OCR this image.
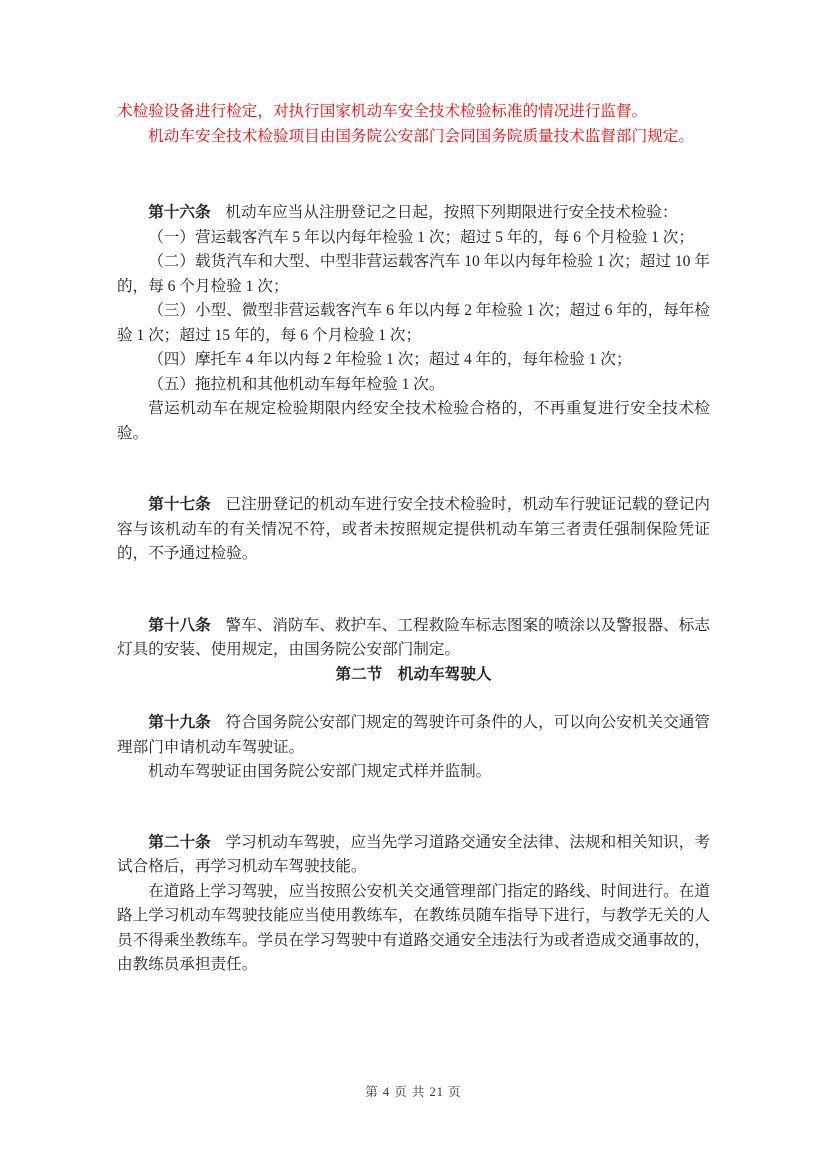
术检验设备进行检定，对执行国家机动车安全技术检验标准的情况进行监督。

机动车安全技术检验项目由国务院公安部门会同国务院质量技术监督部门规定。

第十六条 机动车应当从注册登记之日起，按照下列期限进行安全技术检验：

（一）营运载客汽车 5 年以内每年检验 1 次；超过 5 年的，每 6 个月检验 1 次；

（二）载货汽车和大型、中型非营运载客汽车 10 年以内每年检验 1 次；超过 10 年的，每 6 个月检验 1 次；

（三）小型、微型非营运载客汽车 6 年以内每 2 年检验 1 次；超过 6 年的，每年检验 1 次；超过 15 年的，每 6 个月检验 1 次；

（四）摩托车 4 年以内每 2 年检验 1 次；超过 4 年的，每年检验 1 次；

（五）拖拉机和其他机动车每年检验 1 次。

营运机动车在规定检验期限内经安全技术检验合格的，不再重复进行安全技术检验。

第十七条 已注册登记的机动车进行安全技术检验时，机动车行驶证记载的登记内容与该机动车的有关情况不符，或者未按照规定提供机动车第三者责任强制保险凭证的，不予通过检验。

第十八条 警车、消防车、救护车、工程救险车标志图案的喷涂以及警报器、标志灯具的安装、使用规定，由国务院公安部门制定。

第二节　机动车驾驶人

第十九条 符合国务院公安部门规定的驾驶许可条件的人，可以向公安机关交通管理部门申请机动车驾驶证。

机动车驾驶证由国务院公安部门规定式样并监制。

第二十条 学习机动车驾驶，应当先学习道路交通安全法律、法规和相关知识，考试合格后，再学习机动车驾驶技能。

在道路上学习驾驶，应当按照公安机关交通管理部门指定的路线、时间进行。在道路上学习机动车驾驶技能应当使用教练车，在教练员随车指导下进行，与教学无关的人员不得乘坐教练车。学员在学习驾驶中有道路交通安全违法行为或者造成交通事故的，由教练员承担责任。

第 4 页 共 21 页
